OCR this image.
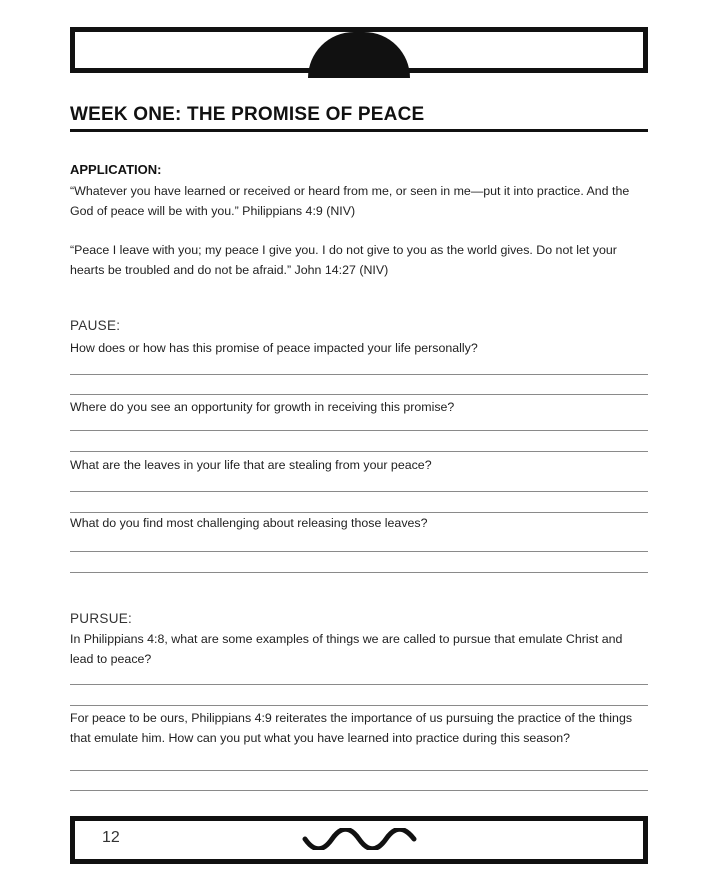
WEEK ONE: THE PROMISE OF PEACE
APPLICATION:

“Whatever you have learned or received or heard from me, or seen in me—put it into practice. And the God of peace will be with you.” Philippians 4:9 (NIV)

“Peace I leave with you; my peace I give you. I do not give to you as the world gives. Do not let your hearts be troubled and do not be afraid.” John 14:27 (NIV)

PAUSE:

How does or how has this promise of peace impacted your life personally?

Where do you see an opportunity for growth in receiving this promise?

What are the leaves in your life that are stealing from your peace?

What do you find most challenging about releasing those leaves?

PURSUE:

In Philippians 4:8, what are some examples of things we are called to pursue that emulate Christ and lead to peace?

For peace to be ours, Philippians 4:9 reiterates the importance of us pursuing the practice of the things that emulate him. How can you put what you have learned into practice during this season?

12
